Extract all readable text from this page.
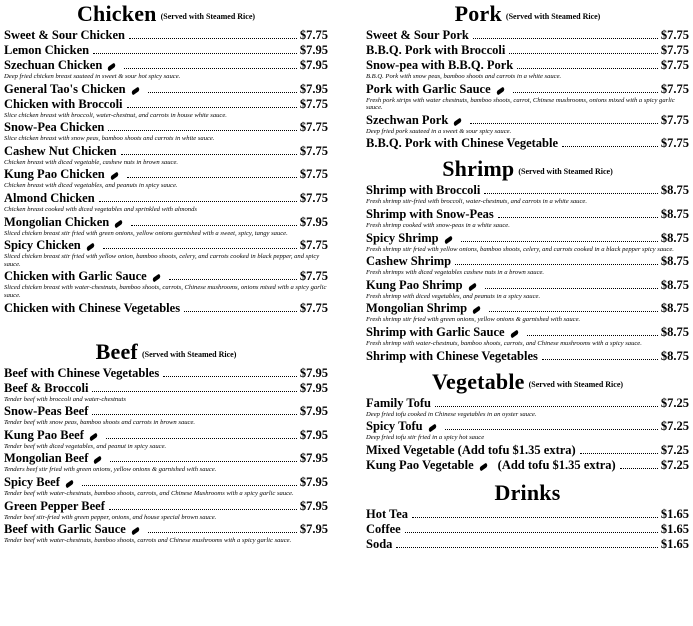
Chicken (Served with Steamed Rice)
Sweet & Sour Chicken	$7.75
Lemon Chicken	$7.95
Szechuan Chicken	$7.95
Deep fried chicken breast sauteed in sweet & sour hot spicy sauce.
General Tao's Chicken	$7.95
Chicken with Broccoli	$7.75
Slice chicken breast with broccoli, water-chestnut, and carrots in house white sauce.
Snow-Pea Chicken	$7.75
Slice chicken breast with snow peas, bamboo shoots and carrots in white sauce.
Cashew Nut Chicken	$7.75
Chicken breast with diced vegetable, cashew nuts in brown sauce.
Kung Pao Chicken	$7.75
Chicken breast with diced vegetables, and peanuts in spicy sauce.
Almond Chicken	$7.75
Chicken breast cooked with diced vegetables and sprinkled with almonds
Mongolian Chicken	$7.95
Sliced chicken breast stir fried with green onions, yellow onions garnished with a sweet, spicy, tangy sauce.
Spicy Chicken	$7.75
Sliced chicken breast stir fried with yellow onion, bamboo shoots, celery, and carrots cooked in black pepper, and spicy sauce.
Chicken with Garlic Sauce	$7.75
Sliced chicken breast with water-chestnuts, bamboo shoots, carrots, Chinese mushrooms, onions mixed with a spicy garlic sauce.
Chicken with Chinese Vegetables	$7.75
Beef (Served with Steamed Rice)
Beef with Chinese Vegetables	$7.95
Beef & Broccoli	$7.95
Tender beef with broccoli and water-chestnuts
Snow-Peas Beef	$7.95
Tender beef with snow peas, bamboo shoots and carrots in brown sauce.
Kung Pao Beef	$7.95
Tender beef with diced vegetables, and peanut in spicy sauce.
Mongolian Beef	$7.95
Tenders beef stir fried with green onions, yellow onions & garnished with sauce.
Spicy Beef	$7.95
Tender beef with water-chestnuts, bamboo shoots, carrots, and Chinese Mushrooms with a spicy garlic sauce.
Green Pepper Beef	$7.95
Tender beef stir-fried with green pepper, onions, and house special brown sauce.
Beef with Garlic Sauce	$7.95
Tender beef with water-chestnuts, bamboo shoots, carrots and Chinese mushrooms with a spicy garlic sauce.
Pork (Served with Steamed Rice)
Sweet & Sour Pork	$7.75
B.B.Q. Pork with Broccoli	$7.75
Snow-pea with B.B.Q. Pork	$7.75
B.B.Q. Pork with snow peas, bamboo shoots and carrots in a white sauce.
Pork with Garlic Sauce	$7.75
Fresh pork strips with water chestnuts, bamboo shoots, carrot, Chinese mushrooms, onions mixed with a spicy garlic sauce.
Szechwan Pork	$7.75
Deep fried pork sauteed in a sweet & sour spicy sauce.
B.B.Q. Pork with Chinese Vegetable	$7.75
Shrimp (Served with Steamed Rice)
Shrimp with Broccoli	$8.75
Fresh shrimp stir-fried with broccoli, water-chestnuts, and carrots in a white sauce.
Shrimp with Snow-Peas	$8.75
Fresh shrimp cooked with snow-peas in a white sauce.
Spicy Shrimp	$8.75
Fresh shrimp stir fried with yellow onions, bamboo shoots, celery, and carrots cooked in a black pepper spicy sauce.
Cashew Shrimp	$8.75
Fresh shrimps with diced vegetables cashew nuts in a brown sauce.
Kung Pao Shrimp	$8.75
Fresh shrimp with diced vegetables, and peanuts in a spicy sauce.
Mongolian Shrimp	$8.75
Fresh shrimp stir fried with green onions, yellow onions & garnished with sauce.
Shrimp with Garlic Sauce	$8.75
Fresh shrimp with water-chestnuts, bamboo shoots, carrots, and Chinese mushrooms with a spicy sauce.
Shrimp with Chinese Vegetables	$8.75
Vegetable (Served with Steamed Rice)
Family Tofu	$7.25
Deep fried tofu cooked in Chinese vegetables in an oyster sauce.
Spicy Tofu	$7.25
Deep fried tofu stir fried in a spicy hot sauce
Mixed Vegetable (Add tofu $1.35 extra)	$7.25
Kung Pao Vegetable (Add tofu $1.35 extra)	$7.25
Drinks
Hot Tea	$1.65
Coffee	$1.65
Soda	$1.65
